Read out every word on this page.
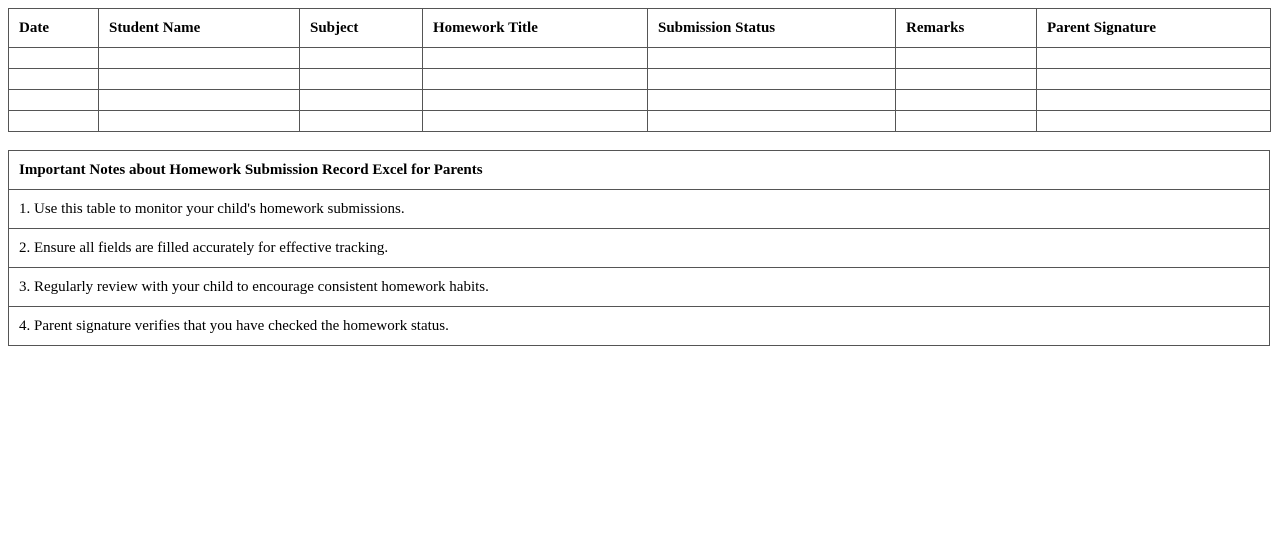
Date	Student Name	Subject	Homework Title	Submission Status	Remarks	Parent Signature

Important Notes about Homework Submission Record Excel for Parents
1. Use this table to monitor your child's homework submissions.
2. Ensure all fields are filled accurately for effective tracking.
3. Regularly review with your child to encourage consistent homework habits.
4. Parent signature verifies that you have checked the homework status.
